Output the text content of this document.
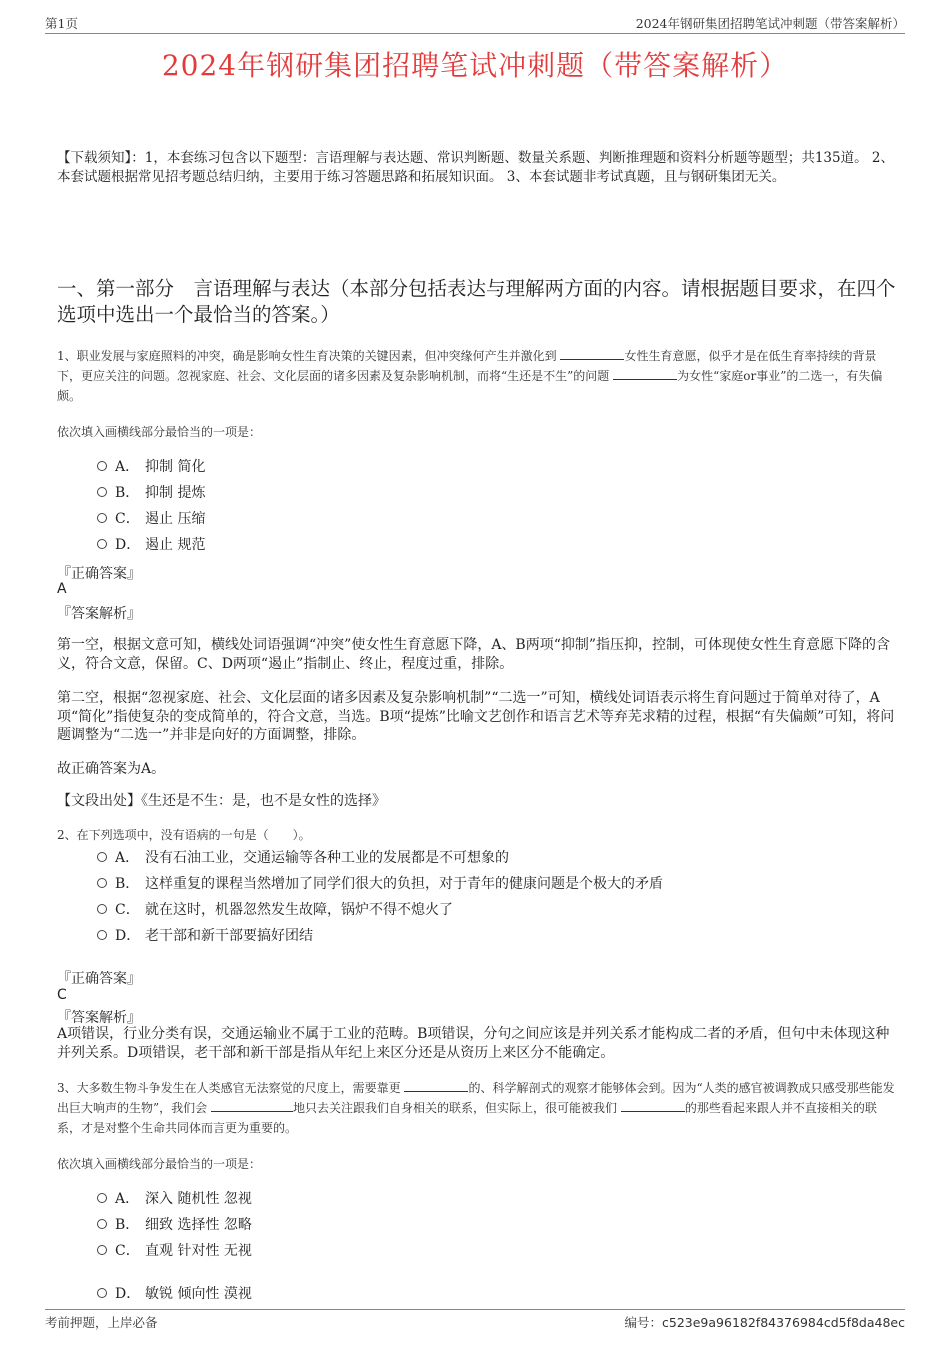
第1页	2024年钢研集团招聘笔试冲刺题（带答案解析）
2024年钢研集团招聘笔试冲刺题（带答案解析）
【下载须知】：1，本套练习包含以下题型：言语理解与表达题、常识判断题、数量关系题、判断推理题和资料分析题等题型；共135道。 2、本套试题根据常见招考题总结归纳，主要用于练习答题思路和拓展知识面。 3、本套试题非考试真题，且与钢研集团无关。
一、第一部分　言语理解与表达（本部分包括表达与理解两方面的内容。请根据题目要求，在四个选项中选出一个最恰当的答案。）
1、职业发展与家庭照料的冲突，确是影响女性生育决策的关键因素，但冲突缘何产生并激化到	女性生育意愿，似乎才是在低生育率持续的背景下，更应关注的问题。忽视家庭、社会、文化层面的诸多因素及复杂影响机制，而将“生还是不生”的问题	为女性“家庭or事业”的二选一，有失偏颇。
依次填入画横线部分最恰当的一项是：
A． 抑制 简化
B． 抑制 提炼
C． 遏止 压缩
D． 遏止 规范
『正确答案』
A
『答案解析』
第一空，根据文意可知，横线处词语强调“冲突”使女性生育意愿下降，A、B两项“抑制”指压抑，控制，可体现使女性生育意愿下降的含义，符合文意，保留。C、D两项“遏止”指制止、终止，程度过重，排除。
第二空，根据“忽视家庭、社会、文化层面的诸多因素及复杂影响机制”“二选一”可知，横线处词语表示将生育问题过于简单对待了，A项“简化”指使复杂的变成简单的，符合文意，当选。B项“提炼”比喻文艺创作和语言艺术等弃芜求精的过程，根据“有失偏颇”可知，将问题调整为“二选一”并非是向好的方面调整，排除。
故正确答案为A。
【文段出处】《生还是不生：是，也不是女性的选择》
2、在下列选项中，没有语病的一句是（　　）。
A． 没有石油工业，交通运输等各种工业的发展都是不可想象的
B． 这样重复的课程当然增加了同学们很大的负担，对于青年的健康问题是个极大的矛盾
C． 就在这时，机器忽然发生故障，锅炉不得不熄火了
D． 老干部和新干部要搞好团结
『正确答案』
C
『答案解析』
A项错误，行业分类有误，交通运输业不属于工业的范畴。B项错误，分句之间应该是并列关系才能构成二者的矛盾，但句中未体现这种并列关系。D项错误，老干部和新干部是指从年纪上来区分还是从资历上来区分不能确定。
3、大多数生物斗争发生在人类感官无法察觉的尺度上，需要靠更	的、科学解剖式的观察才能够体会到。因为“人类的感官被调教成只感受那些能发出巨大响声的生物”，我们会	地只去关注跟我们自身相关的联系，但实际上，很可能被我们	的那些看起来跟人并不直接相关的联系，才是对整个生命共同体而言更为重要的。
依次填入画横线部分最恰当的一项是：
A． 深入 随机性 忽视
B． 细致 选择性 忽略
C． 直观 针对性 无视
D． 敏锐 倾向性 漠视
考前押题，上岸必备	编号：c523e9a96182f84376984cd5f8da48ec
